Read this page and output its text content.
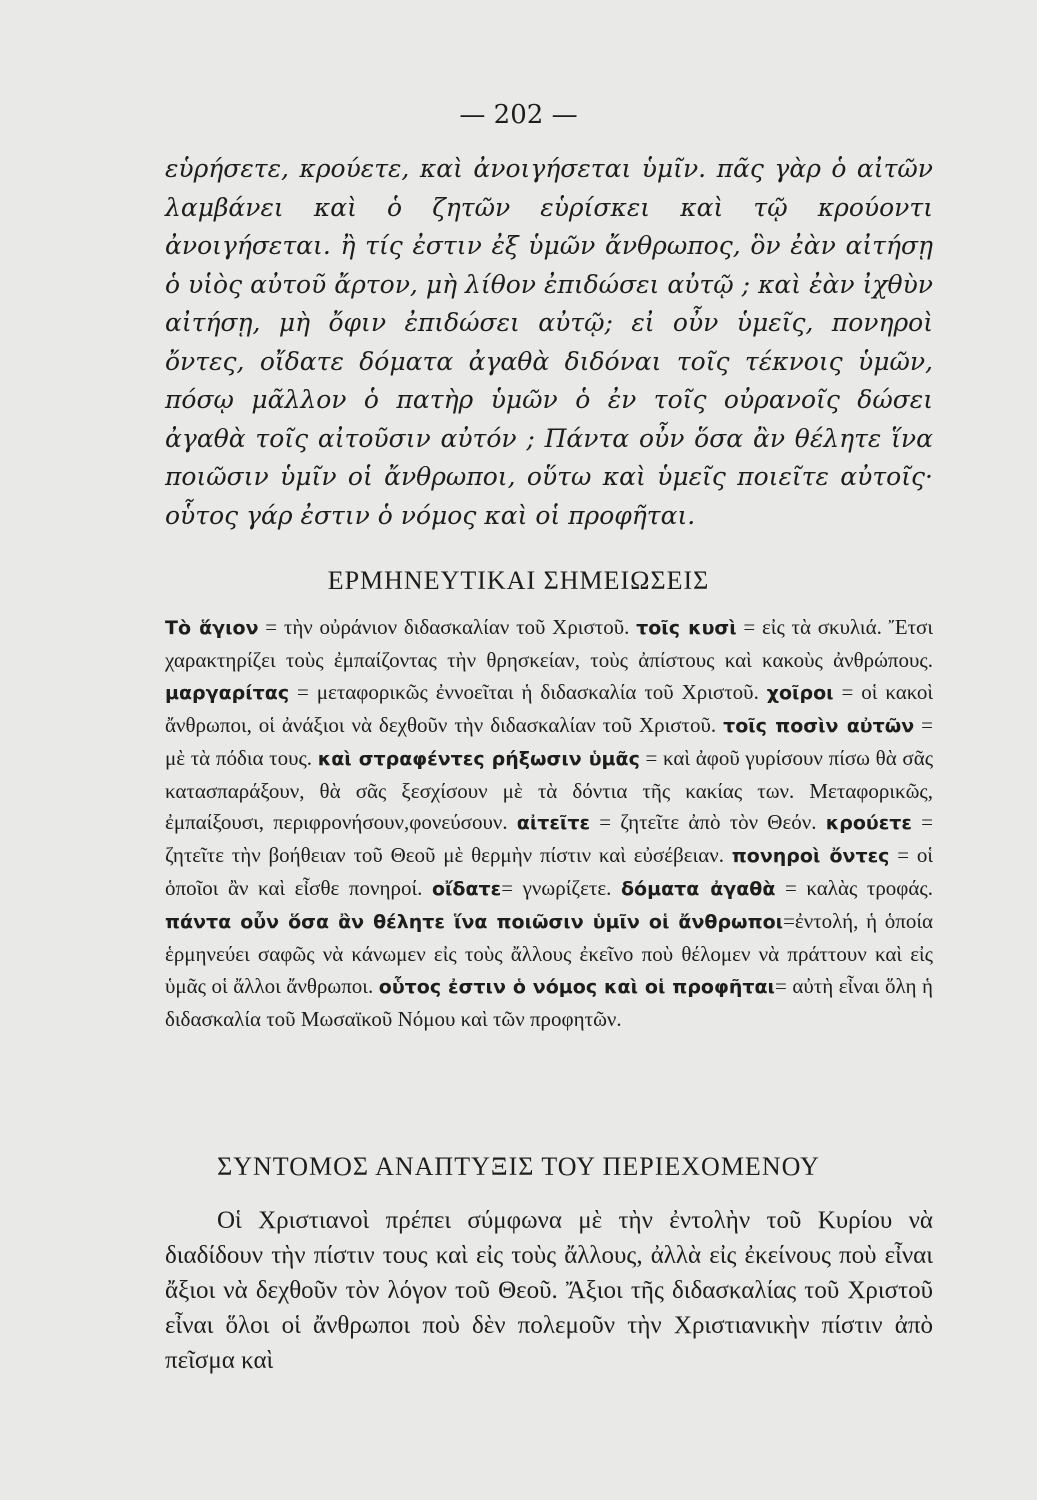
— 202 —

εὑρήσετε, κρούετε, καὶ ἀνοιγήσεται ὑμῖν. πᾶς γὰρ ὁ αἰτῶν λαμβάνει καὶ ὁ ζητῶν εὑρίσκει καὶ τῷ κρούοντι ἀνοιγήσεται. ἢ τίς ἐστιν ἐξ ὑμῶν ἄνθρωπος, ὃν ἐὰν αἰτήσῃ ὁ υἱὸς αὐτοῦ ἄρτον, μὴ λίθον ἐπιδώσει αὐτῷ ; καὶ ἐὰν ἰχθὺν αἰτήσῃ, μὴ ὄφιν ἐπιδώσει αὐτῷ; εἰ οὖν ὑμεῖς, πονηροὶ ὄντες, οἴδατε δόματα ἀγαθὰ διδόναι τοῖς τέκνοις ὑμῶν, πόσῳ μᾶλλον ὁ πατὴρ ὑμῶν ὁ ἐν τοῖς οὐρανοῖς δώσει ἀγαθὰ τοῖς αἰτοῦσιν αὐτόν ; Πάντα οὖν ὅσα ἂν θέλητε ἵνα ποιῶσιν ὑμῖν οἱ ἄνθρωποι, οὕτω καὶ ὑμεῖς ποιεῖτε αὐτοῖς· οὗτος γάρ ἐστιν ὁ νόμος καὶ οἱ προφῆται.

ΕΡΜΗΝΕΥΤΙΚΑΙ ΣΗΜΕΙΩΣΕΙΣ

Τὸ ἅγιον = τὴν οὐράνιον διδασκαλίαν τοῦ Χριστοῦ. τοῖς κυσὶ = εἰς τὰ σκυλιά. Ἔτσι χαρακτηρίζει τοὺς ἐμπαίζοντας τὴν θρησκείαν, τοὺς ἀπίστους καὶ κακοὺς ἀνθρώπους. μαργαρίτας = μεταφορικῶς ἐννοεῖται ἡ διδασκαλία τοῦ Χριστοῦ. χοῖροι = οἱ κακοὶ ἄνθρωποι, οἱ ἀνάξιοι νὰ δεχθοῦν τὴν διδασκαλίαν τοῦ Χριστοῦ. τοῖς ποσὶν αὐτῶν = μὲ τὰ πόδια τους. καὶ στραφέντες ρήξωσιν ὑμᾶς = καὶ ἀφοῦ γυρίσουν πίσω θὰ σᾶς κατασπαράξουν, θὰ σᾶς ξεσχίσουν μὲ τὰ δόντια τῆς κακίας των. Μεταφορικῶς, ἐμπαίξουσι, περιφρονήσουν,φονεύσουν. αἰτεῖτε = ζητεῖτε ἀπὸ τὸν Θεόν. κρούετε = ζητεῖτε τὴν βοήθειαν τοῦ Θεοῦ μὲ θερμὴν πίστιν καὶ εὐσέβειαν. πονηροὶ ὄντες = οἱ ὁποῖοι ἂν καὶ εἶσθε πονηροί. οἴδατε= γνωρίζετε. δόματα ἀγαθὰ = καλὰς τροφάς. πάντα οὖν ὅσα ἂν θέλητε ἵνα ποιῶσιν ὑμῖν οἱ ἄνθρωποι=ἐντολή, ἡ ὁποία ἑρμηνεύει σαφῶς νὰ κάνωμεν εἰς τοὺς ἄλλους ἐκεῖνο ποὺ θέλομεν νὰ πράττουν καὶ εἰς ὑμᾶς οἱ ἄλλοι ἄνθρωποι. οὗτος ἐστιν ὁ νόμος καὶ οἱ προφῆται= αὐτὴ εἶναι ὅλη ἡ διδασκαλία τοῦ Μωσαϊκοῦ Νόμου καὶ τῶν προφητῶν.

ΣΥΝΤΟΜΟΣ ΑΝΑΠΤΥΞΙΣ ΤΟΥ ΠΕΡΙΕΧΟΜΕΝΟΥ

Οἱ Χριστιανοὶ πρέπει σύμφωνα μὲ τὴν ἐντολὴν τοῦ Κυρίου νὰ διαδίδουν τὴν πίστιν τους καὶ εἰς τοὺς ἄλλους, ἀλλὰ εἰς ἐκείνους ποὺ εἶναι ἄξιοι νὰ δεχθοῦν τὸν λόγον τοῦ Θεοῦ. Ἄξιοι τῆς διδασκαλίας τοῦ Χριστοῦ εἶναι ὅλοι οἱ ἄνθρωποι ποὺ δὲν πολεμοῦν τὴν Χριστιανικὴν πίστιν ἀπὸ πεῖσμα καὶ
